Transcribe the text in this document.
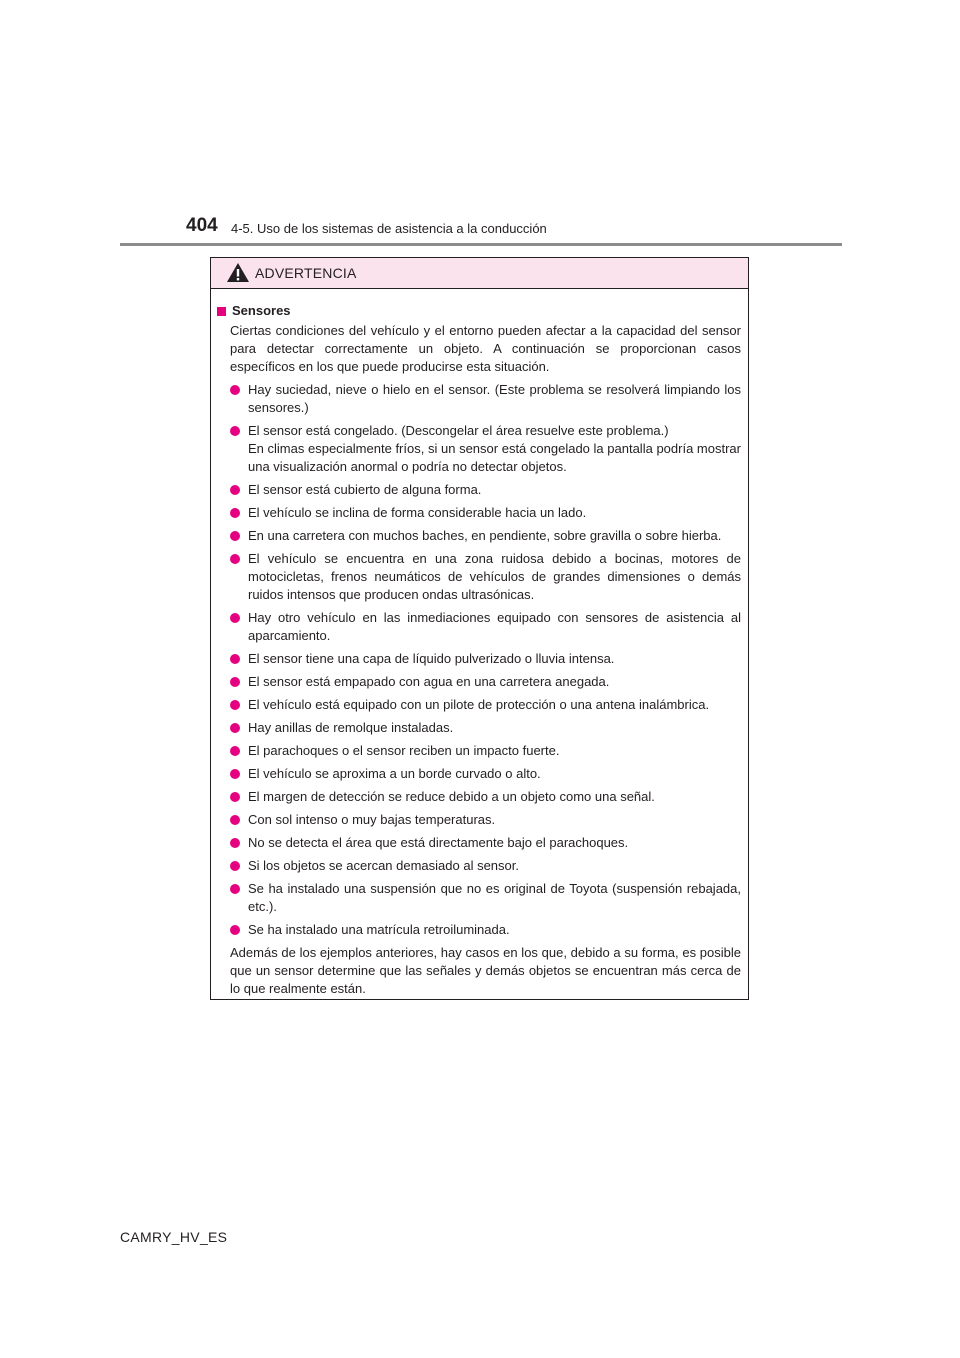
404 4-5. Uso de los sistemas de asistencia a la conducción
ADVERTENCIA
Sensores
Ciertas condiciones del vehículo y el entorno pueden afectar a la capacidad del sensor para detectar correctamente un objeto. A continuación se proporcionan casos específicos en los que puede producirse esta situación.
Hay suciedad, nieve o hielo en el sensor. (Este problema se resolverá limpiando los sensores.)
El sensor está congelado. (Descongelar el área resuelve este problema.)
En climas especialmente fríos, si un sensor está congelado la pantalla podría mostrar una visualización anormal o podría no detectar objetos.
El sensor está cubierto de alguna forma.
El vehículo se inclina de forma considerable hacia un lado.
En una carretera con muchos baches, en pendiente, sobre gravilla o sobre hierba.
El vehículo se encuentra en una zona ruidosa debido a bocinas, motores de motocicletas, frenos neumáticos de vehículos de grandes dimensiones o demás ruidos intensos que producen ondas ultrasónicas.
Hay otro vehículo en las inmediaciones equipado con sensores de asistencia al aparcamiento.
El sensor tiene una capa de líquido pulverizado o lluvia intensa.
El sensor está empapado con agua en una carretera anegada.
El vehículo está equipado con un pilote de protección o una antena inalámbrica.
Hay anillas de remolque instaladas.
El parachoques o el sensor reciben un impacto fuerte.
El vehículo se aproxima a un borde curvado o alto.
El margen de detección se reduce debido a un objeto como una señal.
Con sol intenso o muy bajas temperaturas.
No se detecta el área que está directamente bajo el parachoques.
Si los objetos se acercan demasiado al sensor.
Se ha instalado una suspensión que no es original de Toyota (suspensión rebajada, etc.).
Se ha instalado una matrícula retroiluminada.
Además de los ejemplos anteriores, hay casos en los que, debido a su forma, es posible que un sensor determine que las señales y demás objetos se encuentran más cerca de lo que realmente están.
CAMRY_HV_ES
